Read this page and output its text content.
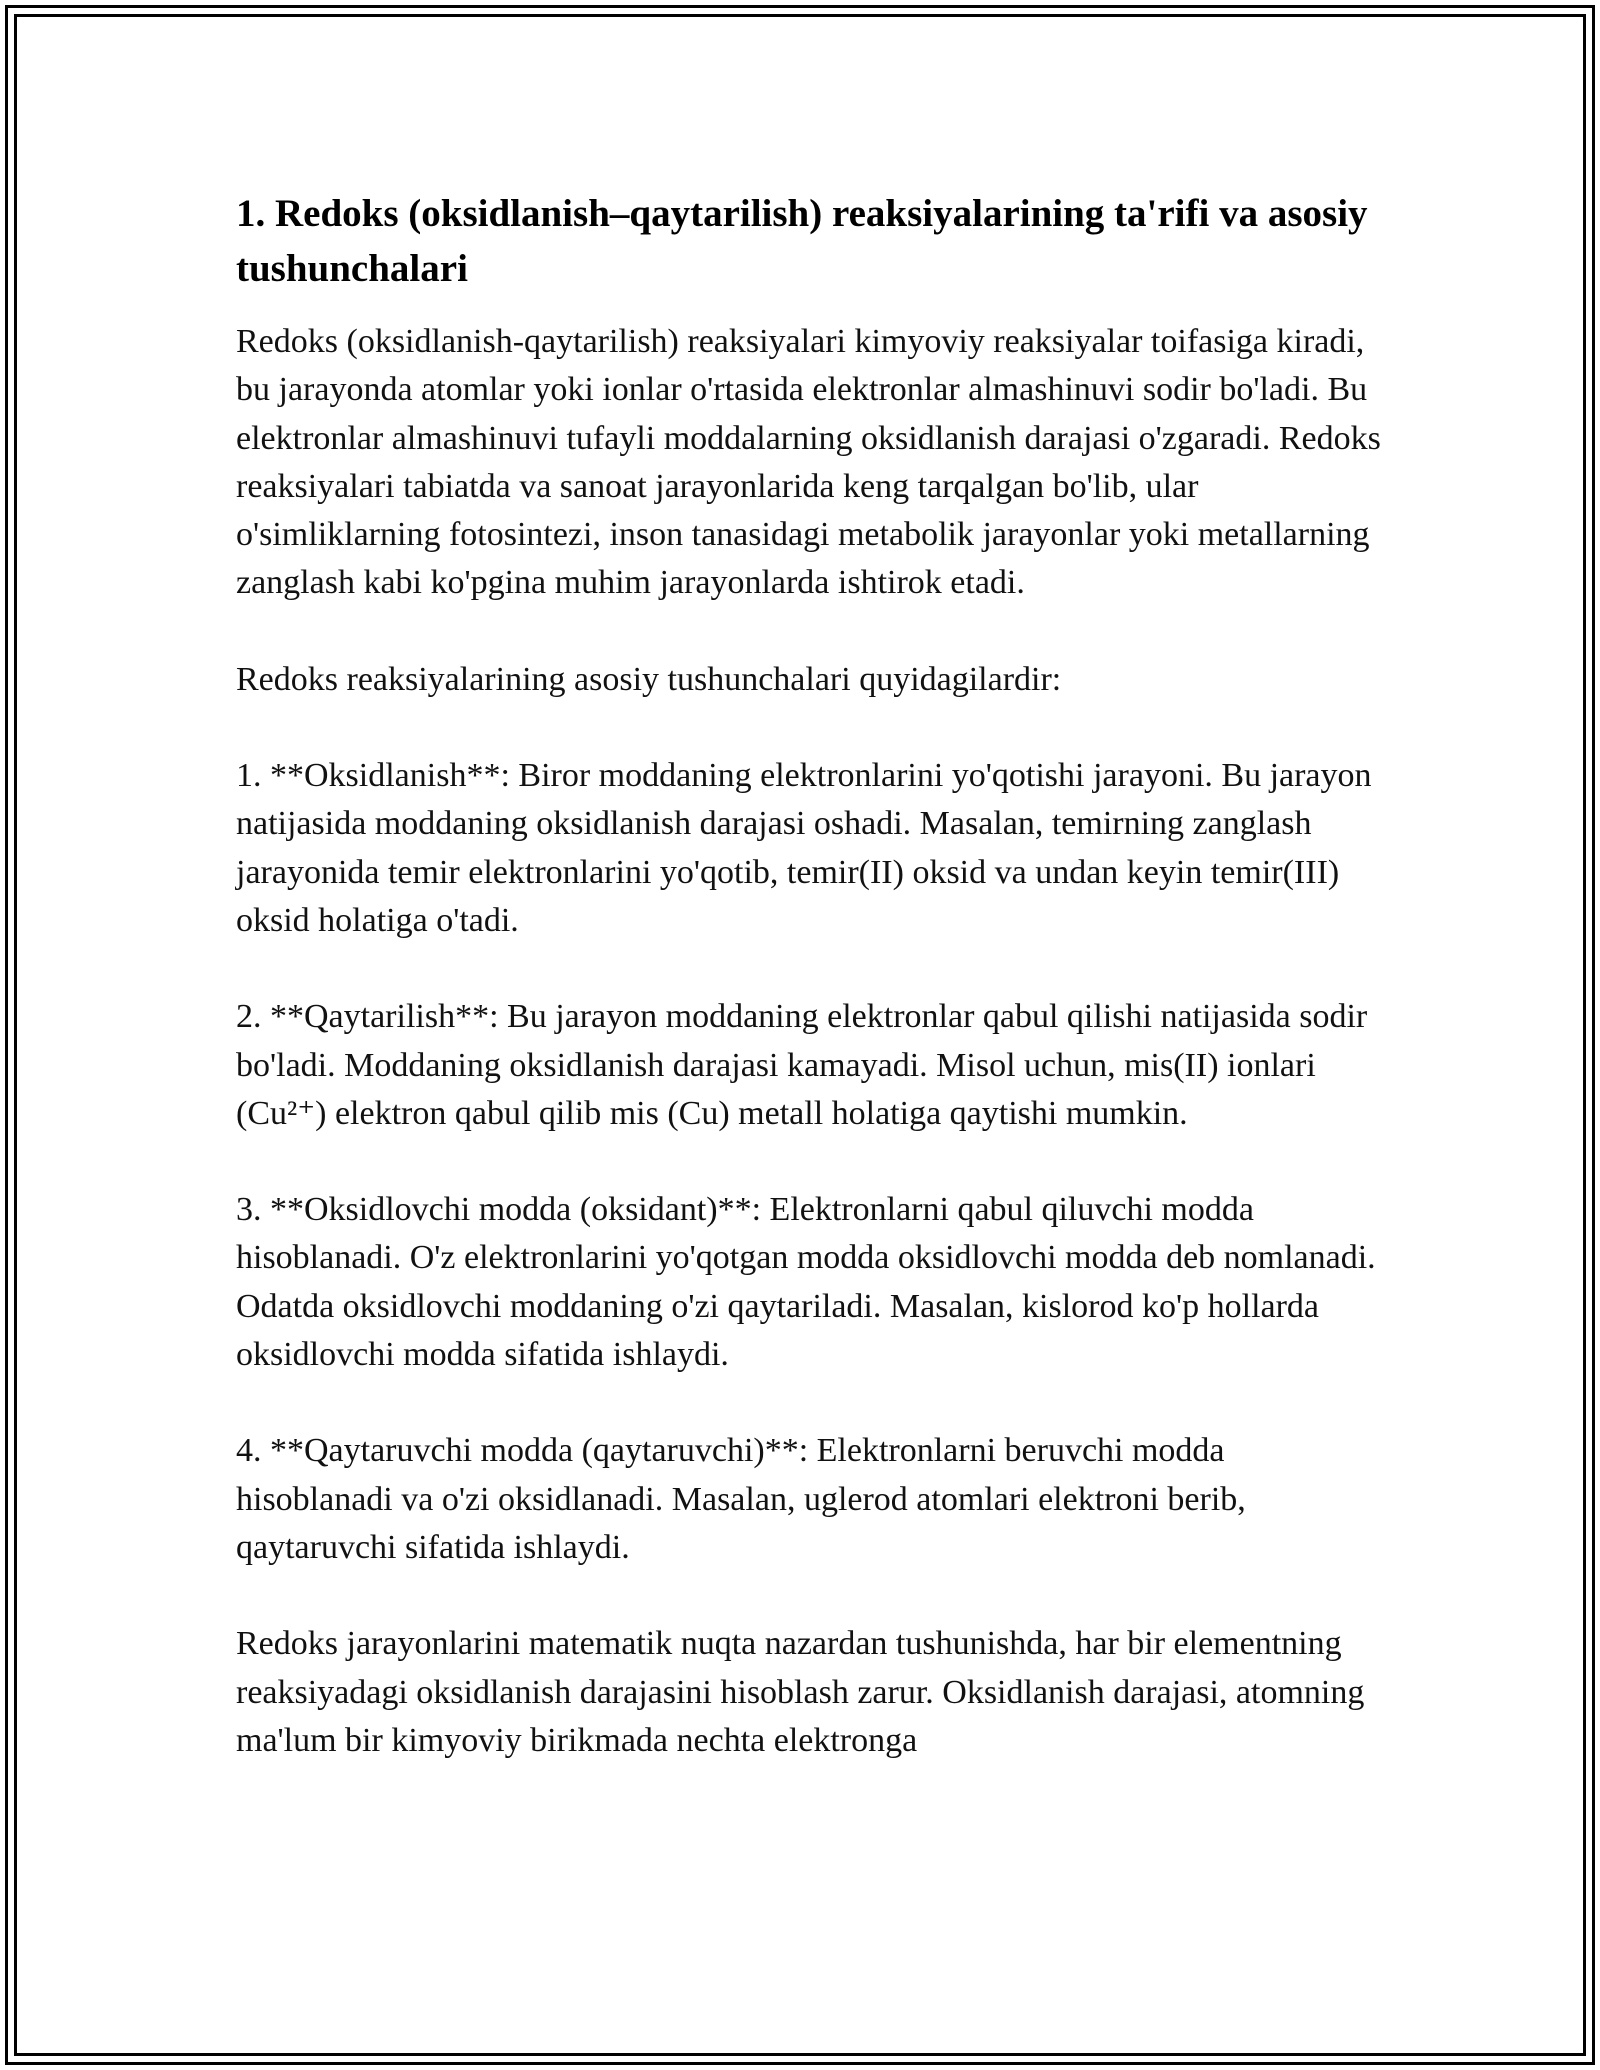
1. Redoks (oksidlanish–qaytarilish) reaksiyalarining ta'rifi va asosiy tushunchalari

Redoks (oksidlanish-qaytarilish) reaksiyalari kimyoviy reaksiyalar toifasiga kiradi, bu jarayonda atomlar yoki ionlar o'rtasida elektronlar almashinuvi sodir bo'ladi. Bu elektronlar almashinuvi tufayli moddalarning oksidlanish darajasi o'zgaradi. Redoks reaksiyalari tabiatda va sanoat jarayonlarida keng tarqalgan bo'lib, ular o'simliklarning fotosintezi, inson tanasidagi metabolik jarayonlar yoki metallarning zanglash kabi ko'pgina muhim jarayonlarda ishtirok etadi.

Redoks reaksiyalarining asosiy tushunchalari quyidagilardir:

1. **Oksidlanish**: Biror moddaning elektronlarini yo'qotishi jarayoni. Bu jarayon natijasida moddaning oksidlanish darajasi oshadi. Masalan, temirning zanglash jarayonida temir elektronlarini yo'qotib, temir(II) oksid va undan keyin temir(III) oksid holatiga o'tadi.

2. **Qaytarilish**: Bu jarayon moddaning elektronlar qabul qilishi natijasida sodir bo'ladi. Moddaning oksidlanish darajasi kamayadi. Misol uchun, mis(II) ionlari (Cu²⁺) elektron qabul qilib mis (Cu) metall holatiga qaytishi mumkin.

3. **Oksidlovchi modda (oksidant)**: Elektronlarni qabul qiluvchi modda hisoblanadi. O'z elektronlarini yo'qotgan modda oksidlovchi modda deb nomlanadi. Odatda oksidlovchi moddaning o'zi qaytariladi. Masalan, kislorod ko'p hollarda oksidlovchi modda sifatida ishlaydi.

4. **Qaytaruvchi modda (qaytaruvchi)**: Elektronlarni beruvchi modda hisoblanadi va o'zi oksidlanadi. Masalan, uglerod atomlari elektroni berib, qaytaruvchi sifatida ishlaydi.

Redoks jarayonlarini matematik nuqta nazardan tushunishda, har bir elementning reaksiyadagi oksidlanish darajasini hisoblash zarur. Oksidlanish darajasi, atomning ma'lum bir kimyoviy birikmada nechta elektronga
